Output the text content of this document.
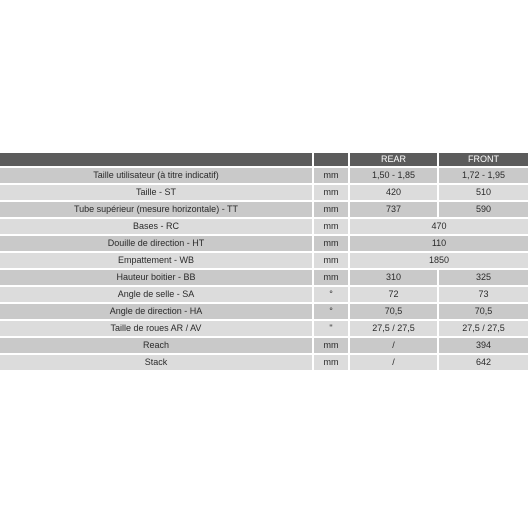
		REAR	FRONT
Taille utilisateur (à titre indicatif)	mm	1,50 - 1,85	1,72 - 1,95
Taille - ST	mm	420	510
Tube supérieur (mesure horizontale) - TT	mm	737	590
Bases - RC	mm	470	
Douille de direction - HT	mm	110	
Empattement - WB	mm	1850	
Hauteur boitier - BB	mm	310	325
Angle de selle - SA	°	72	73
Angle de direction - HA	°	70,5	70,5
Taille de roues AR / AV	"	27,5 / 27,5	27,5 / 27,5
Reach	mm	/	394
Stack	mm	/	642
